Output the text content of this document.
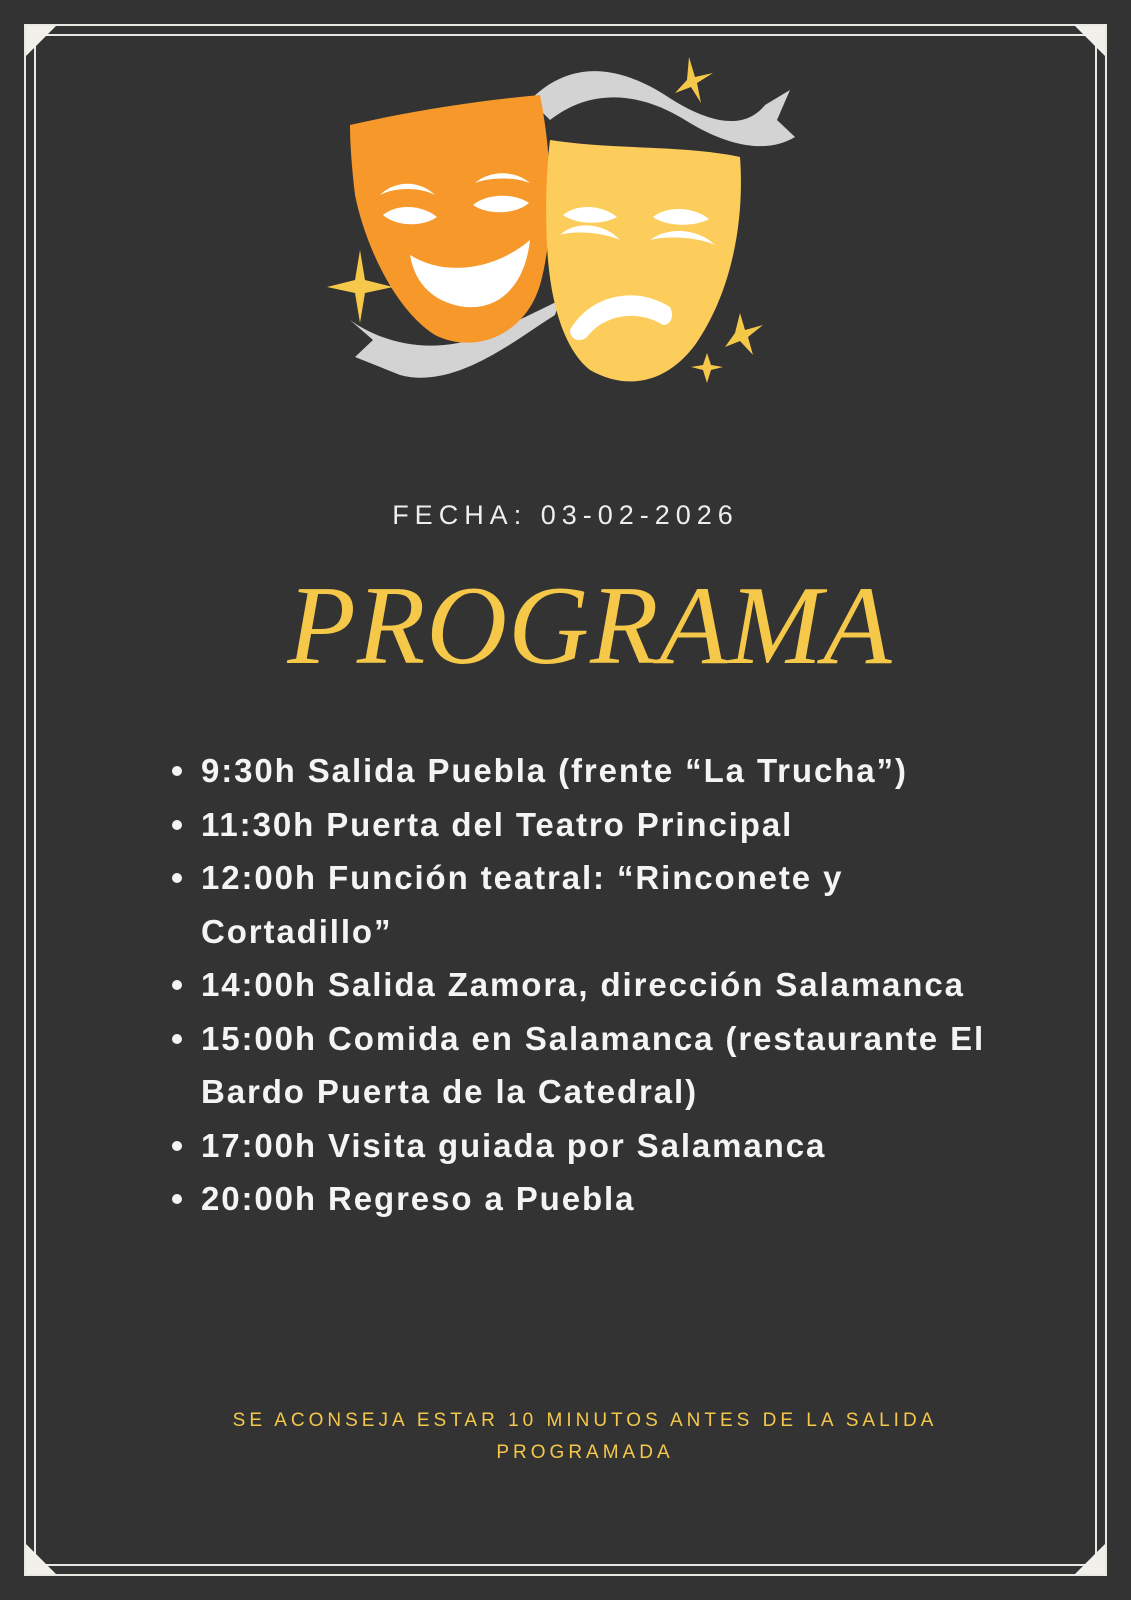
FECHA: 03-02-2026
PROGRAMA
9:30h Salida Puebla (frente “La Trucha”)
11:30h Puerta del Teatro Principal
12:00h Función teatral: “Rinconete y Cortadillo”
14:00h Salida Zamora, dirección Salamanca
15:00h Comida en Salamanca (restaurante El Bardo Puerta de la Catedral)
17:00h Visita guiada por Salamanca
20:00h Regreso a Puebla
SE ACONSEJA ESTAR 10 MINUTOS ANTES DE LA SALIDA PROGRAMADA
